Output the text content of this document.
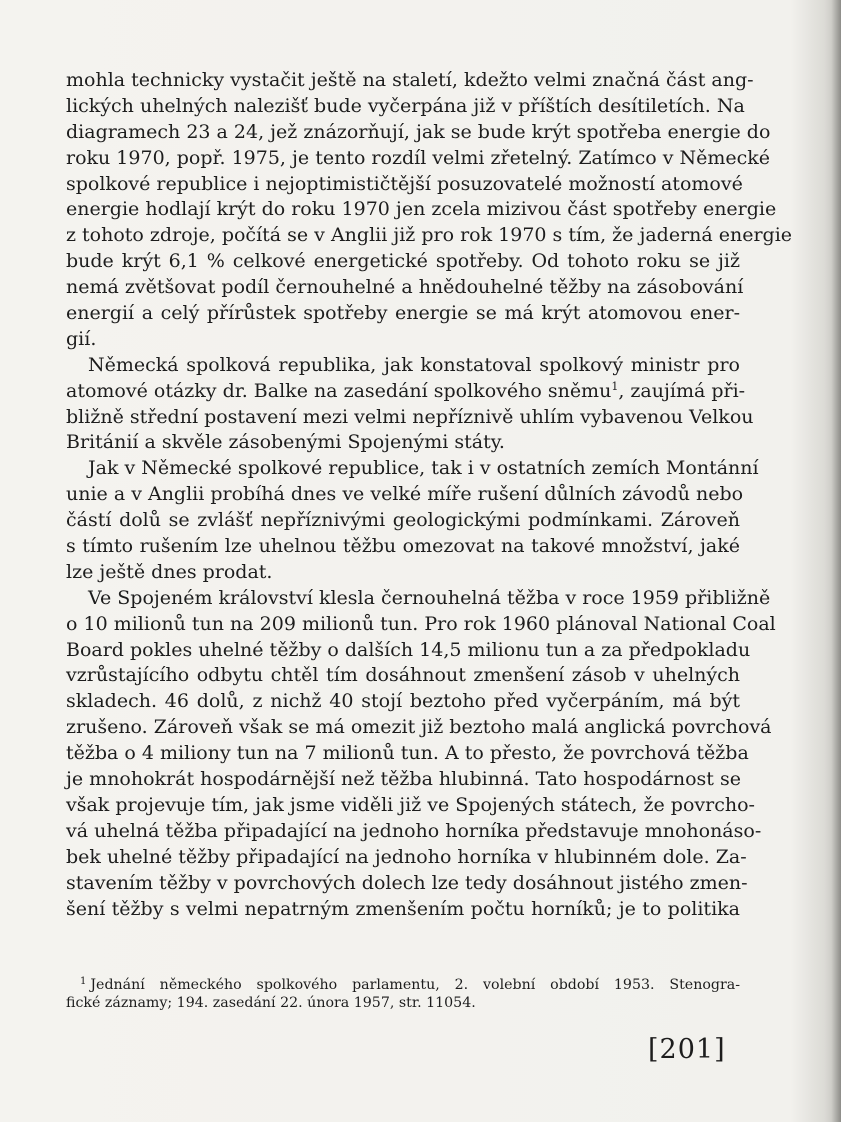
mohla technicky vystačit ještě na staletí, kdežto velmi značná část ang-
lických uhelných nalezišť bude vyčerpána již v příštích desítiletích. Na
diagramech 23 a 24, jež znázorňují, jak se bude krýt spotřeba energie do
roku 1970, popř. 1975, je tento rozdíl velmi zřetelný. Zatímco v Německé
spolkové republice i nejoptimističtější posuzovatelé možností atomové
energie hodlají krýt do roku 1970 jen zcela mizivou část spotřeby energie
z tohoto zdroje, počítá se v Anglii již pro rok 1970 s tím, že jaderná energie
bude krýt 6,1 % celkové energetické spotřeby. Od tohoto roku se již
nemá zvětšovat podíl černouhelné a hnědouhelné těžby na zásobování
energií a celý přírůstek spotřeby energie se má krýt atomovou ener-
gií.
Německá spolková republika, jak konstatoval spolkový ministr pro
atomové otázky dr. Balke na zasedání spolkového sněmu$^1$, zaujímá při-
bližně střední postavení mezi velmi nepříznivě uhlím vybavenou Velkou
Británií a skvěle zásobenými Spojenými státy.
Jak v Německé spolkové republice, tak i v ostatních zemích Montánní
unie a v Anglii probíhá dnes ve velké míře rušení důlních závodů nebo
částí dolů se zvlášť nepříznivými geologickými podmínkami. Zároveň
s tímto rušením lze uhelnou těžbu omezovat na takové množství, jaké
lze ještě dnes prodat.
Ve Spojeném království klesla černouhelná těžba v roce 1959 přibližně
o 10 milionů tun na 209 milionů tun. Pro rok 1960 plánoval National Coal
Board pokles uhelné těžby o dalších 14,5 milionu tun a za předpokladu
vzrůstajícího odbytu chtěl tím dosáhnout zmenšení zásob v uhelných
skladech. 46 dolů, z nichž 40 stojí beztoho před vyčerpáním, má být
zrušeno. Zároveň však se má omezit již beztoho malá anglická povrchová
těžba o 4 miliony tun na 7 milionů tun. A to přesto, že povrchová těžba
je mnohokrát hospodárnější než těžba hlubinná. Tato hospodárnost se
však projevuje tím, jak jsme viděli již ve Spojených státech, že povrcho-
vá uhelná těžba připadající na jednoho horníka představuje mnohonáso-
bek uhelné těžby připadající na jednoho horníka v hlubinném dole. Za-
stavením těžby v povrchových dolech lze tedy dosáhnout jistého zmen-
šení těžby s velmi nepatrným zmenšením počtu horníků; je to politika
$^1$ Jednání německého spolkového parlamentu, 2. volební období 1953. Stenogra-
fické záznamy; 194. zasedání 22. února 1957, str. 11054.
[201]
